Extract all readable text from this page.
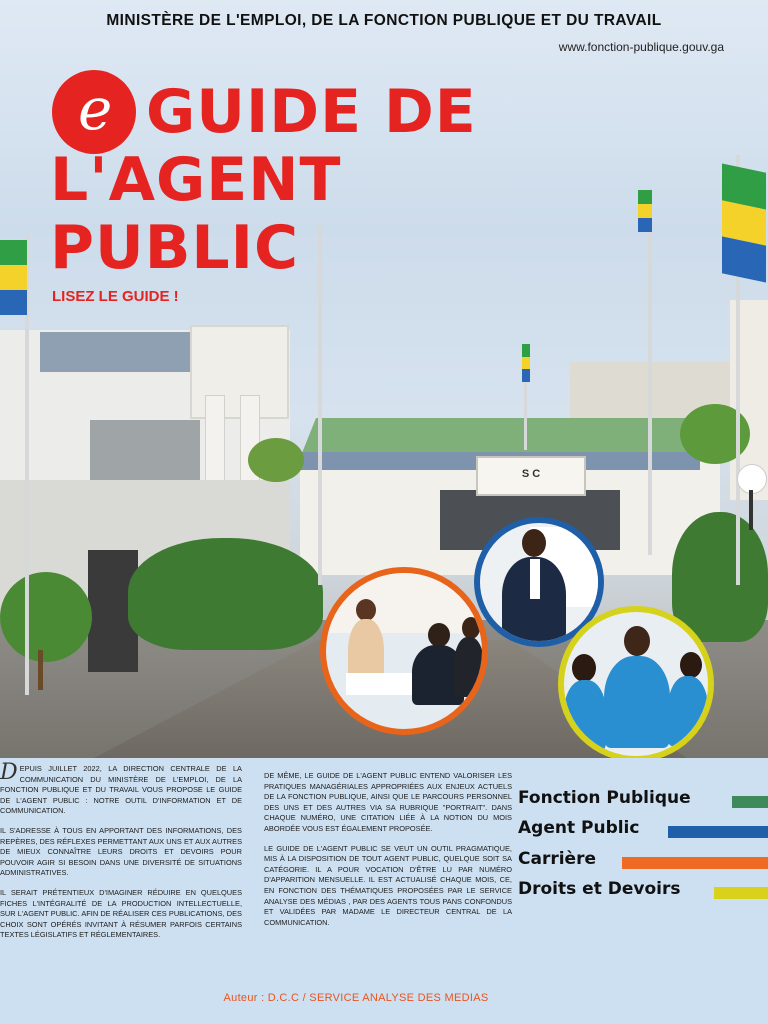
MINISTÈRE DE L'EMPLOI, DE LA FONCTION PUBLIQUE ET DU TRAVAIL
www.fonction-publique.gouv.ga
S C
e GUIDE DE
L'AGENT
PUBLIC
LISEZ LE GUIDE !

DEPUIS JUILLET 2022, LA DIRECTION CENTRALE DE LA COMMUNICATION DU MINISTÈRE DE L'EMPLOI, DE LA FONCTION PUBLIQUE ET DU TRAVAIL VOUS PROPOSE LE GUIDE DE L'AGENT PUBLIC : NOTRE OUTIL D'INFORMATION ET DE COMMUNICATION.

IL S'ADRESSE À TOUS EN APPORTANT DES INFORMATIONS, DES REPÈRES, DES RÉFLEXES PERMETTANT AUX UNS ET AUX AUTRES DE MIEUX CONNAÎTRE LEURS DROITS ET DEVOIRS POUR POUVOIR AGIR SI BESOIN DANS UNE DIVERSITÉ DE SITUATIONS ADMINISTRATIVES.

IL SERAIT PRÉTENTIEUX D'IMAGINER RÉDUIRE EN QUELQUES FICHES L'INTÉGRALITÉ DE LA PRODUCTION INTELLECTUELLE, SUR L'AGENT PUBLIC. AFIN DE RÉALISER CES PUBLICATIONS, DES CHOIX SONT OPÉRÉS INVITANT À RÉSUMER PARFOIS CERTAINS TEXTES LÉGISLATIFS ET RÉGLEMENTAIRES.

DE MÊME, LE GUIDE DE L'AGENT PUBLIC ENTEND VALORISER LES PRATIQUES MANAGÉRIALES APPROPRIÉES AUX ENJEUX ACTUELS DE LA FONCTION PUBLIQUE, AINSI QUE LE PARCOURS PERSONNEL DES UNS ET DES AUTRES VIA SA RUBRIQUE "PORTRAIT". DANS CHAQUE NUMÉRO, UNE CITATION LIÉE À LA NOTION DU MOIS ABORDÉE VOUS EST ÉGALEMENT PROPOSÉE.

LE GUIDE DE L'AGENT PUBLIC SE VEUT UN OUTIL PRAGMATIQUE, MIS À LA DISPOSITION DE TOUT AGENT PUBLIC, QUELQUE SOIT SA CATÉGORIE. IL A POUR VOCATION D'ÊTRE LU PAR NUMÉRO D'APPARITION MENSUELLE. IL EST ACTUALISÉ CHAQUE MOIS, CE, EN FONCTION DES THÉMATIQUES PROPOSÉES PAR LE SERVICE ANALYSE DES MÉDIAS , PAR DES AGENTS TOUS PANS CONFONDUS ET VALIDÉES PAR MADAME LE DIRECTEUR CENTRAL DE LA COMMUNICATION.

Fonction Publique
Agent Public
Carrière
Droits et Devoirs
Auteur : D.C.C / SERVICE ANALYSE DES MEDIAS
